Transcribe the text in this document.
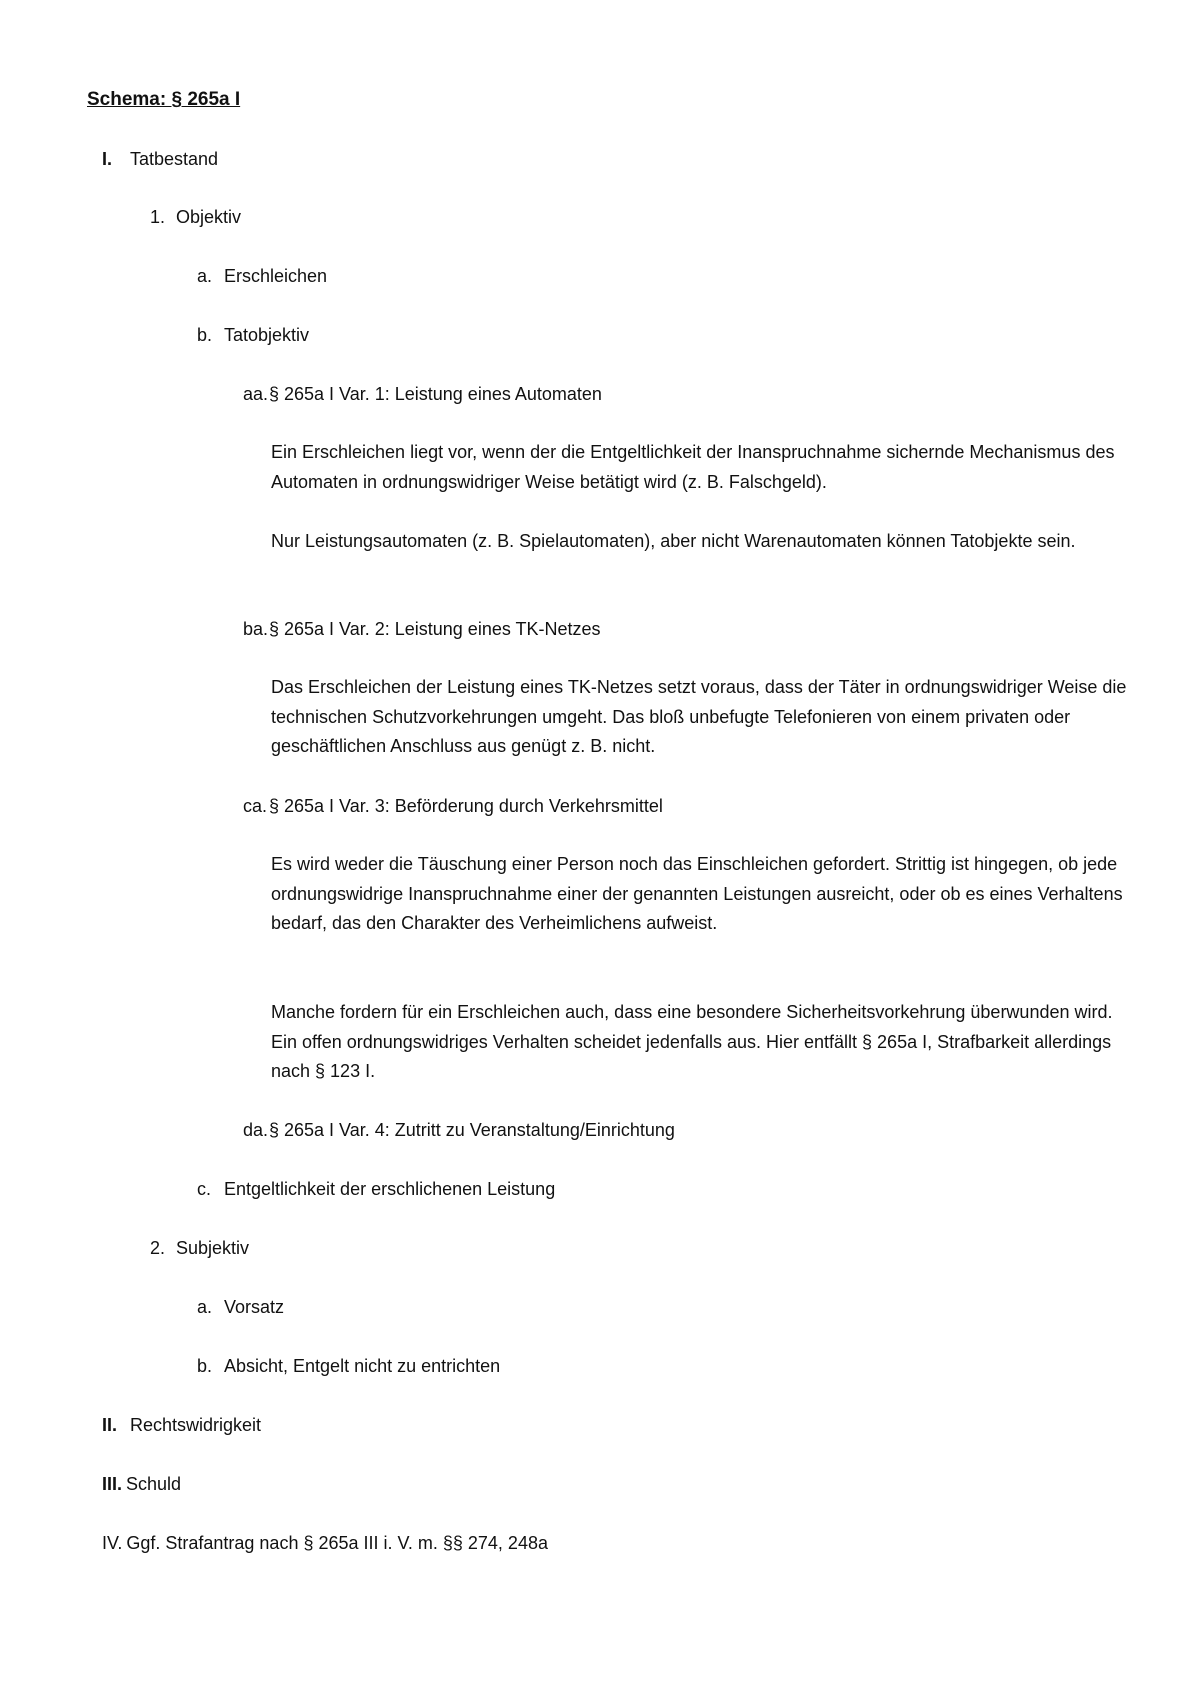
Schema: § 265a I
I. Tatbestand
1. Objektiv
a. Erschleichen
b. Tatobjektiv
aa.§ 265a I Var. 1: Leistung eines Automaten

Ein Erschleichen liegt vor, wenn der die Entgeltlichkeit der Inanspruchnahme sichernde Mechanismus des Automaten in ordnungswidriger Weise betätigt wird (z. B. Falschgeld).

Nur Leistungsautomaten (z. B. Spielautomaten), aber nicht Warenautomaten können Tatobjekte sein.

ba.§ 265a I Var. 2: Leistung eines TK-Netzes

Das Erschleichen der Leistung eines TK-Netzes setzt voraus, dass der Täter in ordnungswidriger Weise die technischen Schutzvorkehrungen umgeht. Das bloß unbefugte Telefonieren von einem privaten oder geschäftlichen Anschluss aus genügt z. B. nicht.

ca. § 265a I Var. 3: Beförderung durch Verkehrsmittel

Es wird weder die Täuschung einer Person noch das Einschleichen gefordert. Strittig ist hingegen, ob jede ordnungswidrige Inanspruchnahme einer der genannten Leistungen ausreicht, oder ob es eines Verhaltens bedarf, das den Charakter des Verheimlichens aufweist.

Manche fordern für ein Erschleichen auch, dass eine besondere Sicherheitsvorkehrung überwunden wird. Ein offen ordnungswidriges Verhalten scheidet jedenfalls aus. Hier entfällt § 265a I, Strafbarkeit allerdings nach § 123 I.

da.§ 265a I Var. 4: Zutritt zu Veranstaltung/Einrichtung
c. Entgeltlichkeit der erschlichenen Leistung
2. Subjektiv
a. Vorsatz
b. Absicht, Entgelt nicht zu entrichten
II. Rechtswidrigkeit
III. Schuld
IV. Ggf. Strafantrag nach § 265a III i. V. m. §§ 274, 248a
